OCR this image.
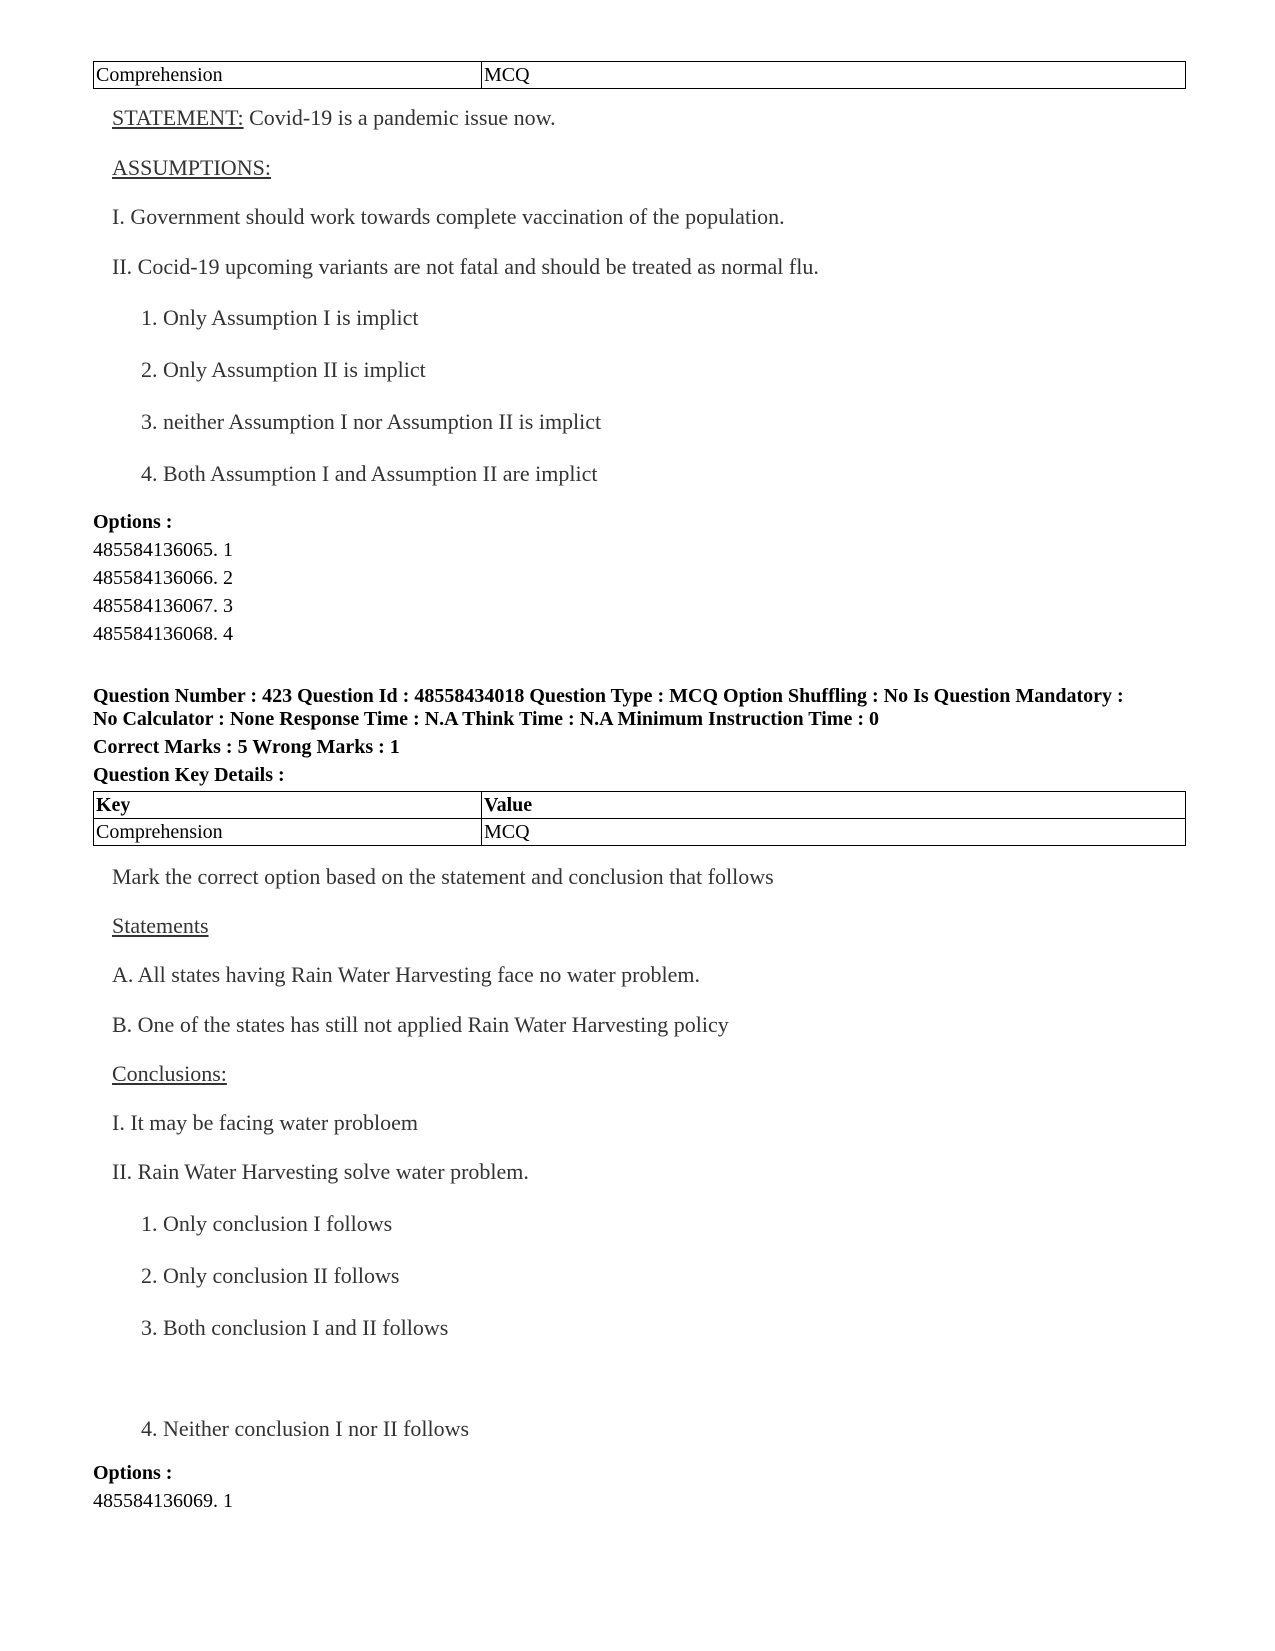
Comprehension	MCQ
STATEMENT: Covid-19 is a pandemic issue now.
ASSUMPTIONS:
I. Government should work towards complete vaccination of the population.
II. Cocid-19 upcoming variants are not fatal and should be treated as normal flu.
1. Only Assumption I is implict
2. Only Assumption II is implict
3. neither Assumption I nor Assumption II is implict
4. Both Assumption I and Assumption II are implict
Options :
485584136065. 1
485584136066. 2
485584136067. 3
485584136068. 4
Question Number : 423 Question Id : 48558434018 Question Type : MCQ Option Shuffling : No Is Question Mandatory :
No Calculator : None Response Time : N.A Think Time : N.A Minimum Instruction Time : 0
Correct Marks : 5 Wrong Marks : 1
Question Key Details :
Key	Value
Comprehension	MCQ
Mark the correct option based on the statement and conclusion that follows
Statements
A. All states having Rain Water Harvesting face no water problem.
B. One of the states has still not applied Rain Water Harvesting policy
Conclusions:
I. It may be facing water probloem
II. Rain Water Harvesting solve water problem.
1. Only conclusion I follows
2. Only conclusion II follows
3. Both conclusion I and II follows
4. Neither conclusion I nor II follows
Options :
485584136069. 1
